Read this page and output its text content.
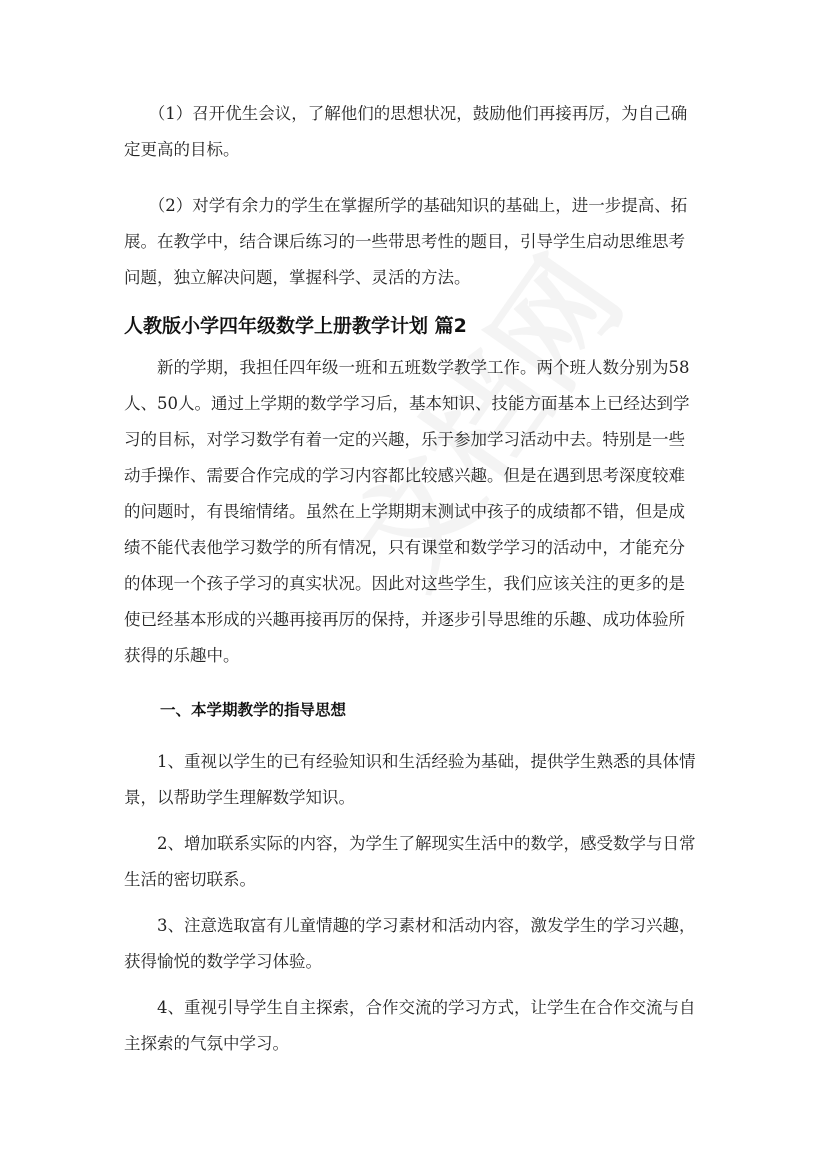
　　（1）召开优生会议，了解他们的思想状况，鼓励他们再接再厉，为自己确
定更高的目标。

　　（2）对学有余力的学生在掌握所学的基础知识的基础上，进一步提高、拓
展。在教学中，结合课后练习的一些带思考性的题目，引导学生启动思维思考
问题，独立解决问题，掌握科学、灵活的方法。

人教版小学四年级数学上册教学计划 篇2

　　新的学期，我担任四年级一班和五班数学教学工作。两个班人数分别为58
人、50人。通过上学期的数学学习后，基本知识、技能方面基本上已经达到学
习的目标，对学习数学有着一定的兴趣，乐于参加学习活动中去。特别是一些
动手操作、需要合作完成的学习内容都比较感兴趣。但是在遇到思考深度较难
的问题时，有畏缩情绪。虽然在上学期期末测试中孩子的成绩都不错，但是成
绩不能代表他学习数学的所有情况，只有课堂和数学学习的活动中，才能充分
的体现一个孩子学习的真实状况。因此对这些学生，我们应该关注的更多的是
使已经基本形成的兴趣再接再厉的保持，并逐步引导思维的乐趣、成功体验所
获得的乐趣中。

一、本学期教学的指导思想

　　1、重视以学生的已有经验知识和生活经验为基础，提供学生熟悉的具体情
景，以帮助学生理解数学知识。

　　2、增加联系实际的内容，为学生了解现实生活中的数学，感受数学与日常
生活的密切联系。

　　3、注意选取富有儿童情趣的学习素材和活动内容，激发学生的学习兴趣，
获得愉悦的数学学习体验。

　　4、重视引导学生自主探索，合作交流的学习方式，让学生在合作交流与自
主探索的气氛中学习。
